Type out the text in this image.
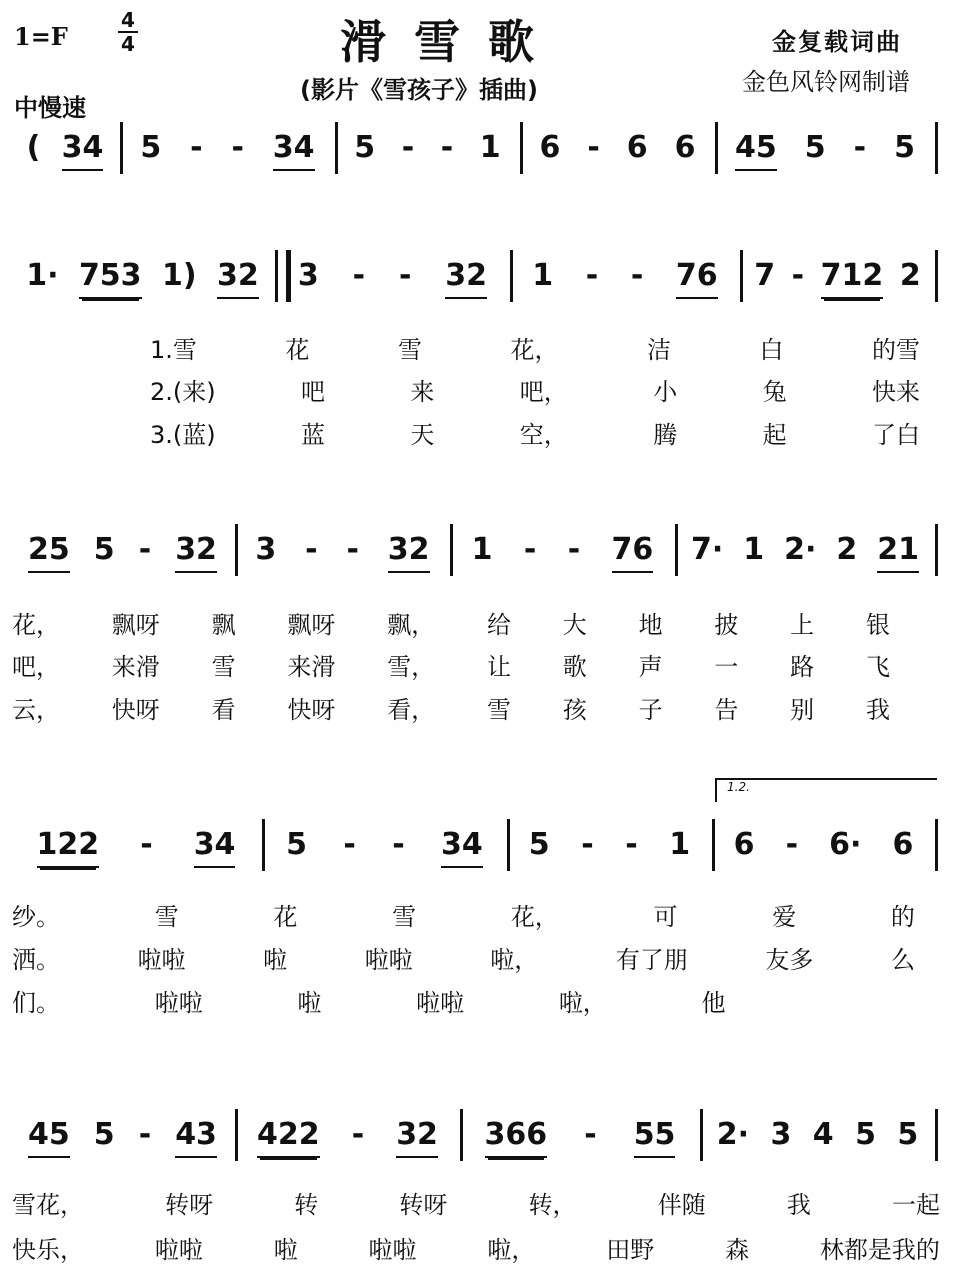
滑雪歌
(影片《雪孩子》插曲)
1=F
4
4
中慢速
金复载词曲
金色风铃网制谱
1.2.
( 34 5 - - 34 5 - - 1 6 - 6 6 45 5 - 5
1· 753 1) 32 3 - - 32 1 - - 76 7 - 712 2
1.雪	花	雪	花，	洁	白	的雪
2.(来)	吧	来	吧，	小	兔	快来
3.(蓝)	蓝	天	空，	腾	起	了白
25 5 - 32 3 - - 32 1 - - 76 7· 1 2· 2 21
花， 飘呀 飘 飘呀 飘， 给 大 地 披 上 银
吧， 来滑 雪 来滑 雪， 让 歌 声 一 路 飞
云， 快呀 看 快呀 看， 雪 孩 子 告 别 我
122 - 34 5 - - 34 5 - - 1 6 - 6· 6
纱。	雪	花	雪	花，	可	爱	的
洒。	啦啦	啦	啦啦	啦，	有了朋	友多	么
们。	啦啦	啦	啦啦	啦，	他
45 5 - 43 422 - 32 366 - 55 2· 3 4 5 5
雪花，	转呀	转	转呀	转，	伴随	我	一起
快乐，	啦啦	啦	啦啦	啦，	田野	森	林都是我的
